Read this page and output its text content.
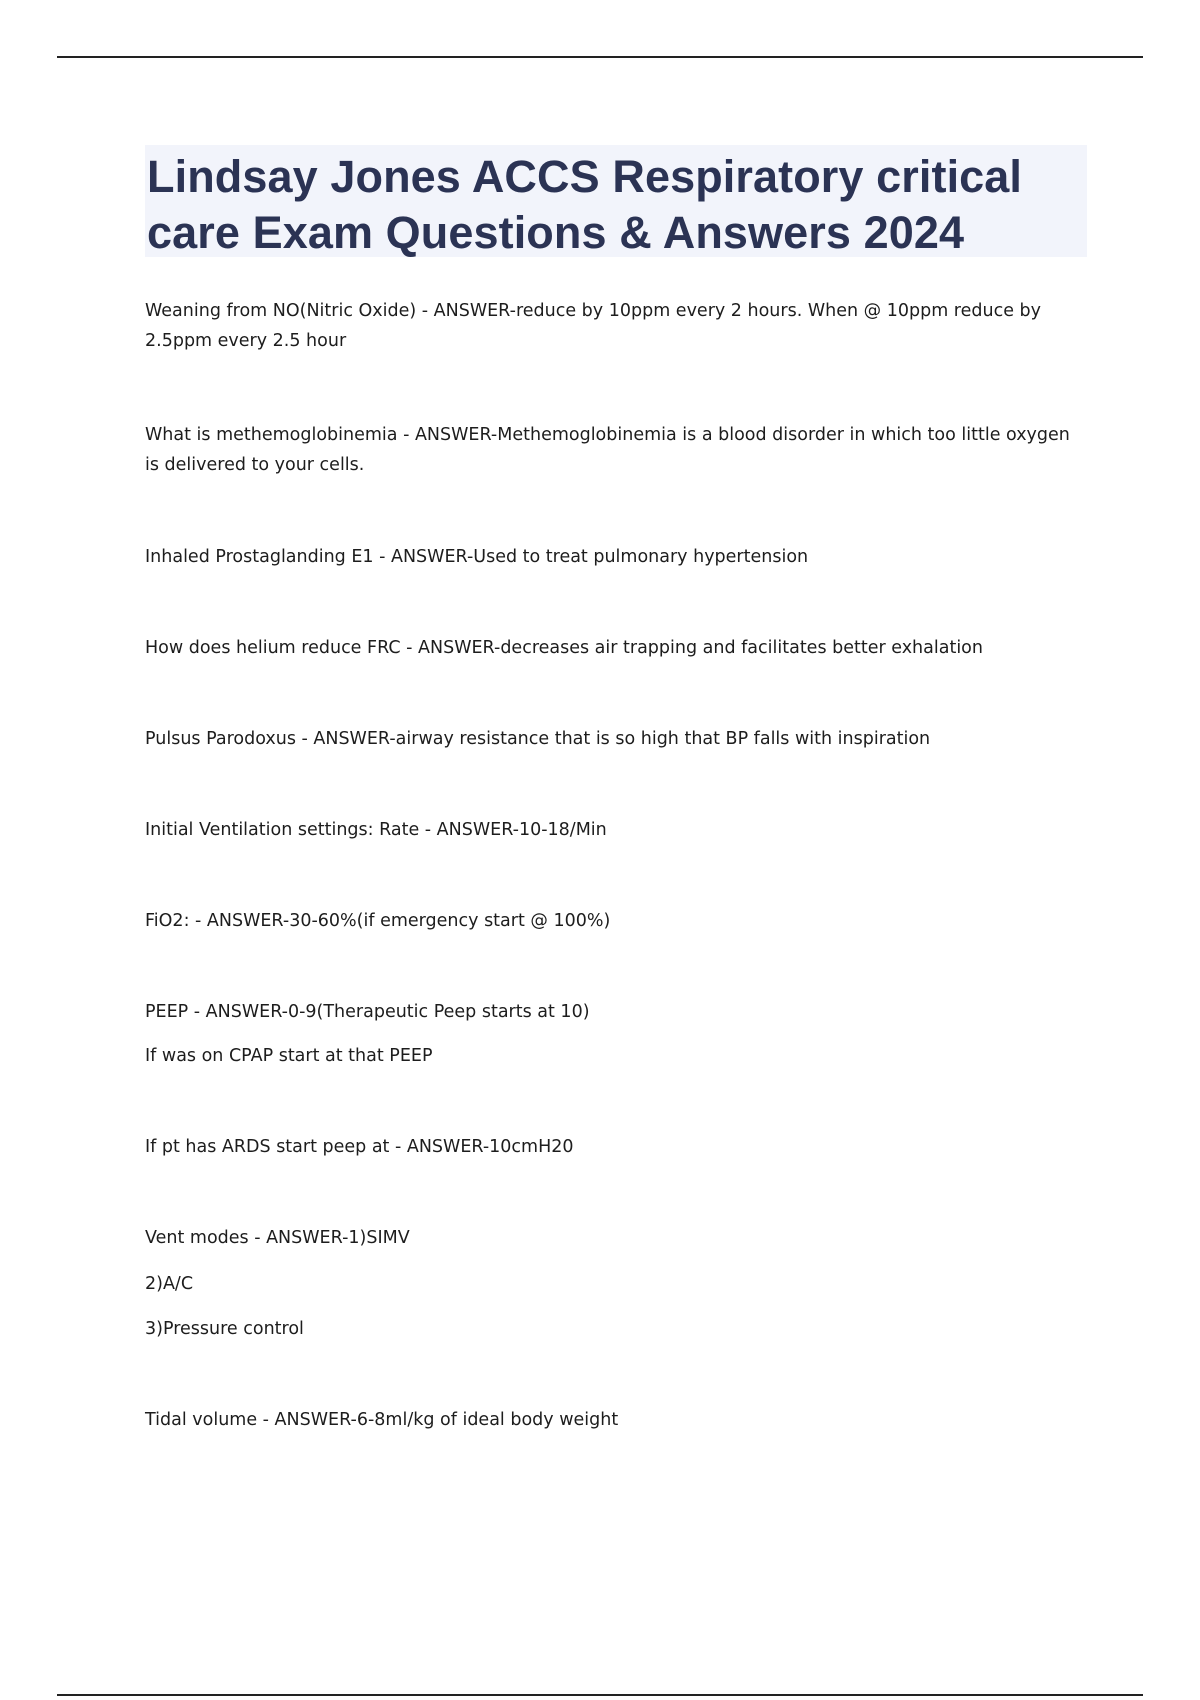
Lindsay Jones ACCS Respiratory critical care Exam Questions & Answers 2024
Weaning from NO(Nitric Oxide) - ANSWER-reduce by 10ppm every 2 hours. When @ 10ppm reduce by 2.5ppm every 2.5 hour
What is methemoglobinemia - ANSWER-Methemoglobinemia is a blood disorder in which too little oxygen is delivered to your cells.
Inhaled Prostaglanding E1 - ANSWER-Used to treat pulmonary hypertension
How does helium reduce FRC - ANSWER-decreases air trapping and facilitates better exhalation
Pulsus Parodoxus - ANSWER-airway resistance that is so high that BP falls with inspiration
Initial Ventilation settings: Rate - ANSWER-10-18/Min
FiO2: - ANSWER-30-60%(if emergency start @ 100%)
PEEP - ANSWER-0-9(Therapeutic Peep starts at 10)
If was on CPAP start at that PEEP
If pt has ARDS start peep at - ANSWER-10cmH20
Vent modes - ANSWER-1)SIMV
2)A/C
3)Pressure control
Tidal volume - ANSWER-6-8ml/kg of ideal body weight
